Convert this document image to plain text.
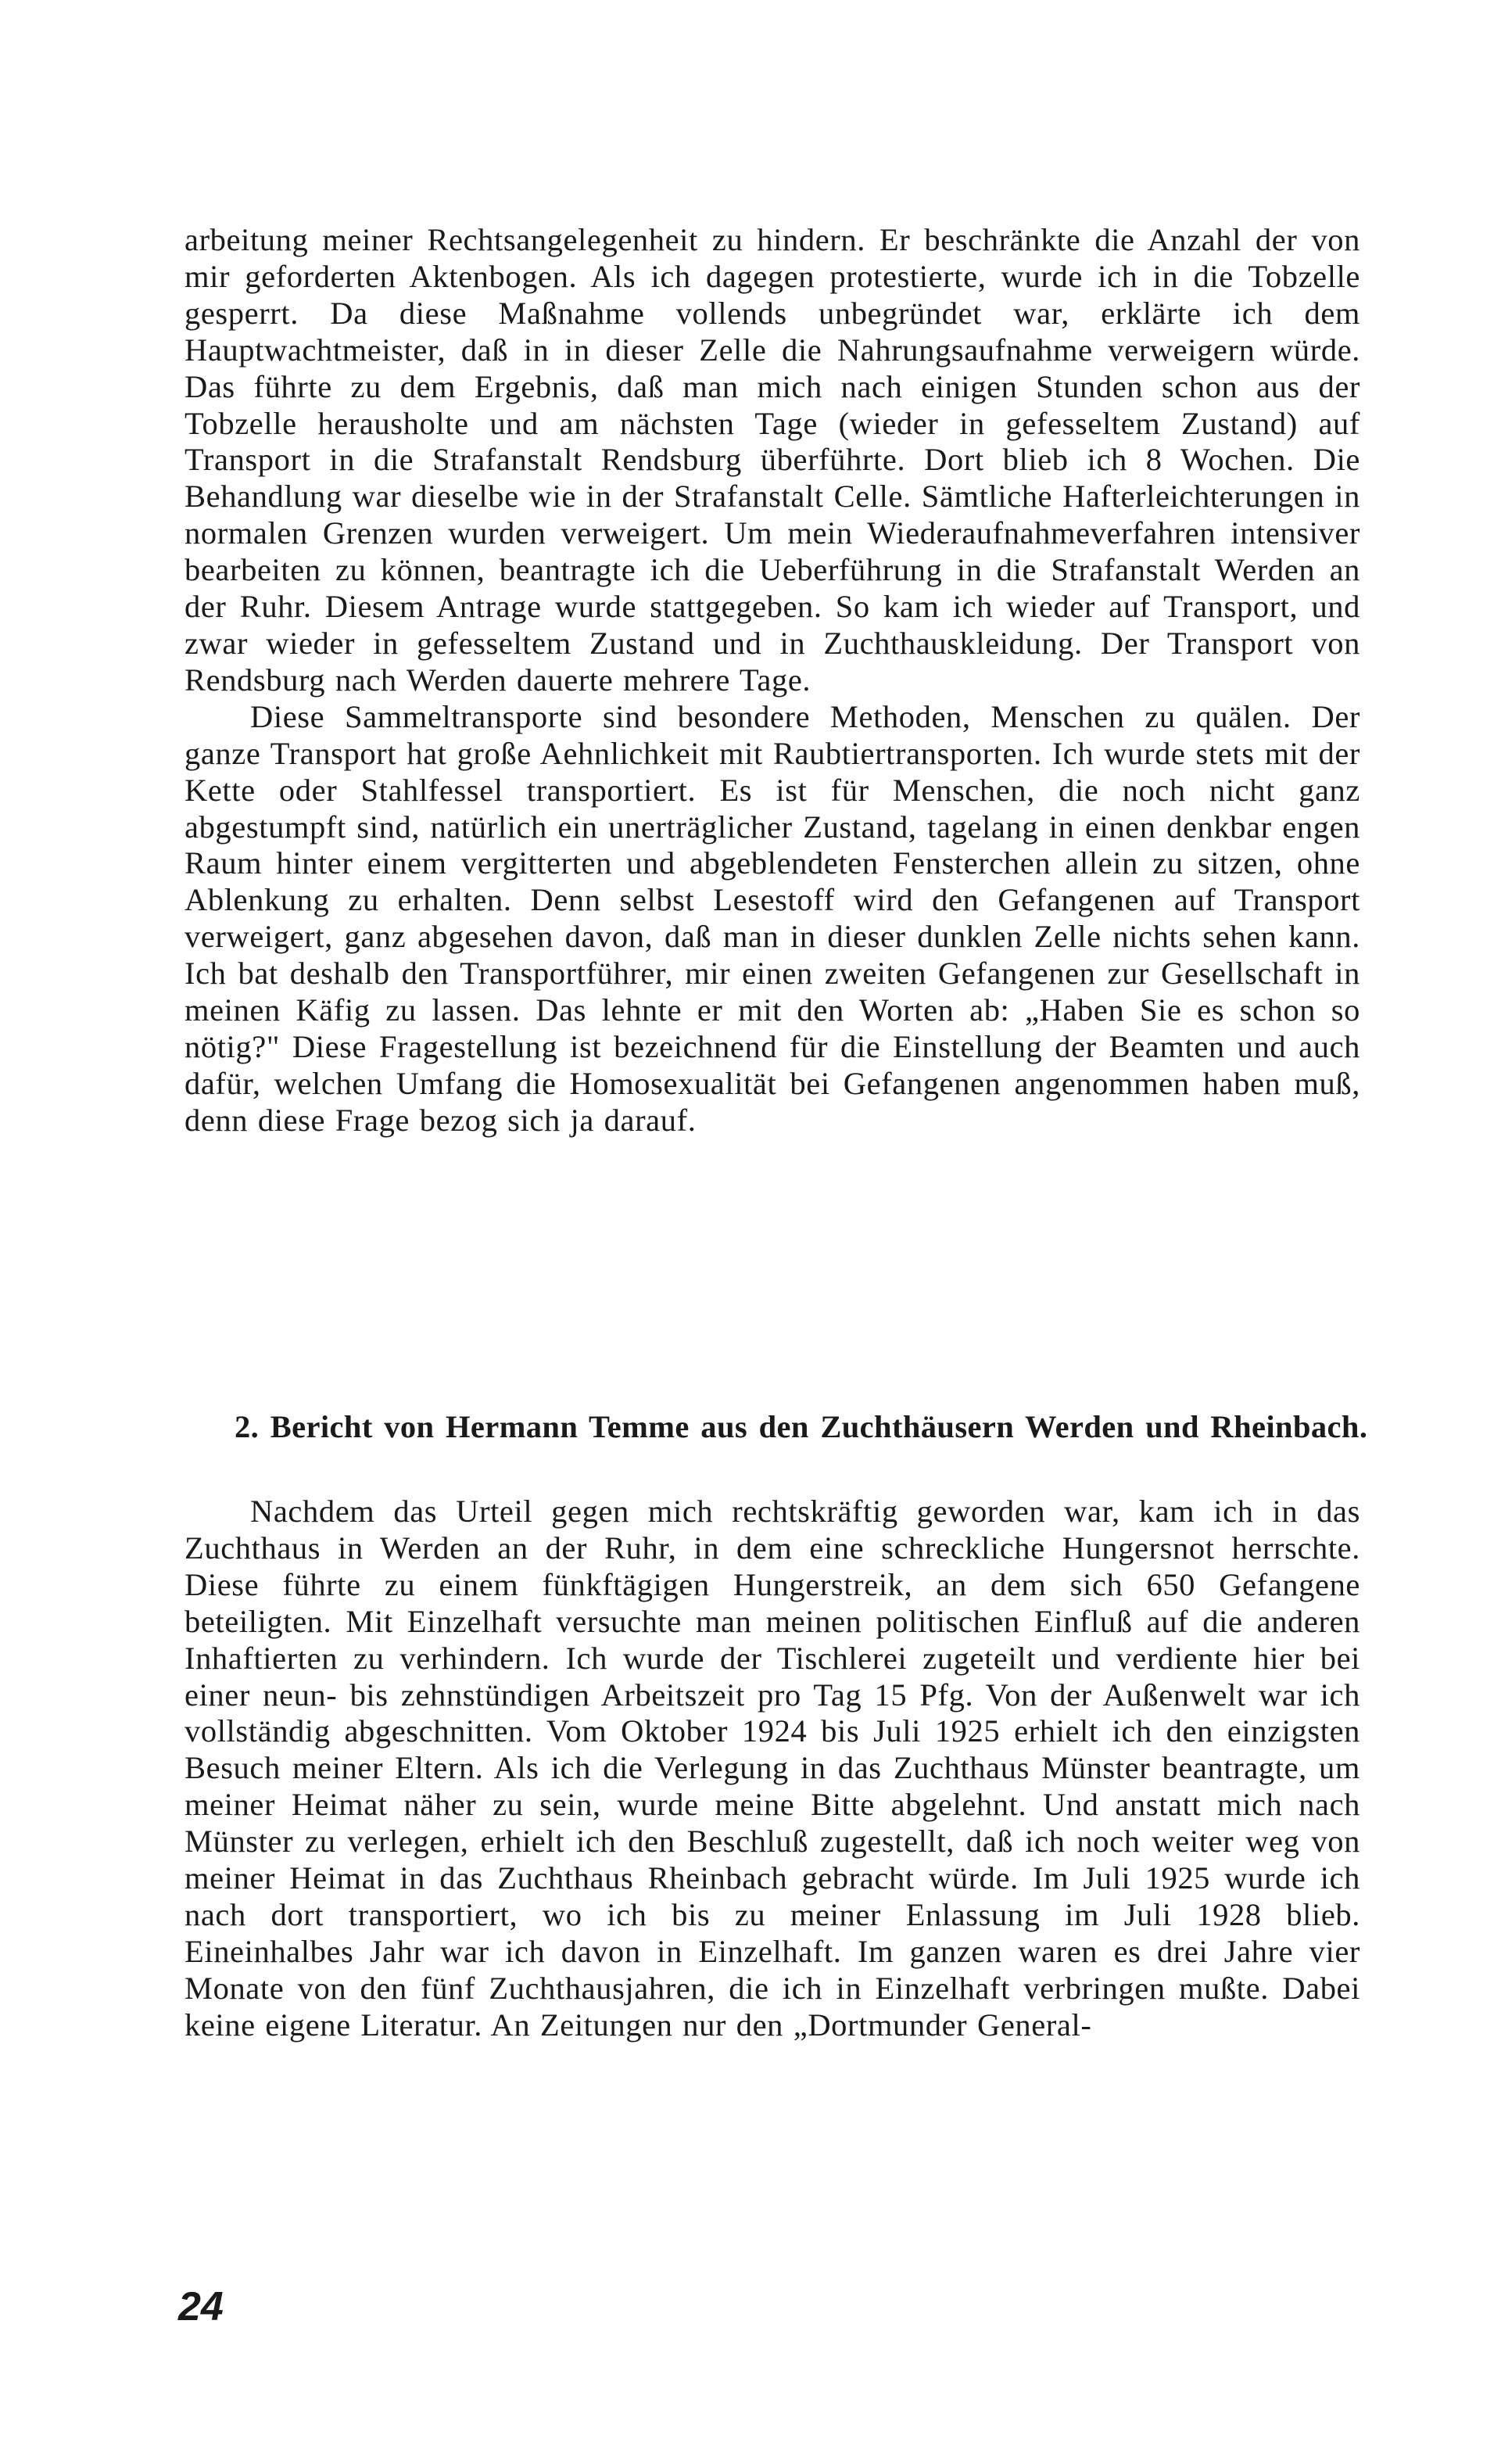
arbeitung meiner Rechtsangelegenheit zu hindern. Er beschränkte die Anzahl der von mir geforderten Aktenbogen. Als ich dagegen protestierte, wurde ich in die Tobzelle gesperrt. Da diese Maßnahme vollends unbegründet war, erklärte ich dem Hauptwachtmeister, daß in in dieser Zelle die Nahrungsaufnahme verweigern würde. Das führte zu dem Ergebnis, daß man mich nach einigen Stunden schon aus der Tobzelle herausholte und am nächsten Tage (wieder in gefesseltem Zustand) auf Transport in die Strafanstalt Rendsburg überführte. Dort blieb ich 8 Wochen. Die Behandlung war dieselbe wie in der Strafanstalt Celle. Sämtliche Hafterleichterungen in normalen Grenzen wurden verweigert. Um mein Wiederaufnahmeverfahren intensiver bearbeiten zu können, beantragte ich die Ueberführung in die Strafanstalt Werden an der Ruhr. Diesem Antrage wurde stattgegeben. So kam ich wieder auf Transport, und zwar wieder in gefesseltem Zustand und in Zuchthauskleidung. Der Transport von Rendsburg nach Werden dauerte mehrere Tage.

Diese Sammeltransporte sind besondere Methoden, Menschen zu quälen. Der ganze Transport hat große Aehnlichkeit mit Raubtiertransporten. Ich wurde stets mit der Kette oder Stahlfessel transportiert. Es ist für Menschen, die noch nicht ganz abgestumpft sind, natürlich ein unerträglicher Zustand, tagelang in einen denkbar engen Raum hinter einem vergitterten und abgeblendeten Fensterchen allein zu sitzen, ohne Ablenkung zu erhalten. Denn selbst Lesestoff wird den Gefangenen auf Transport verweigert, ganz abgesehen davon, daß man in dieser dunklen Zelle nichts sehen kann. Ich bat deshalb den Transportführer, mir einen zweiten Gefangenen zur Gesellschaft in meinen Käfig zu lassen. Das lehnte er mit den Worten ab: „Haben Sie es schon so nötig?" Diese Fragestellung ist bezeichnend für die Einstellung der Beamten und auch dafür, welchen Umfang die Homosexualität bei Gefangenen angenommen haben muß, denn diese Frage bezog sich ja darauf.

2. Bericht von Hermann Temme aus den Zuchthäusern Werden und Rheinbach.

Nachdem das Urteil gegen mich rechtskräftig geworden war, kam ich in das Zuchthaus in Werden an der Ruhr, in dem eine schreckliche Hungersnot herrschte. Diese führte zu einem fünkftägigen Hungerstreik, an dem sich 650 Gefangene beteiligten. Mit Einzelhaft versuchte man meinen politischen Einfluß auf die anderen Inhaftierten zu verhindern. Ich wurde der Tischlerei zugeteilt und verdiente hier bei einer neun- bis zehnstündigen Arbeitszeit pro Tag 15 Pfg. Von der Außenwelt war ich vollständig abgeschnitten. Vom Oktober 1924 bis Juli 1925 erhielt ich den einzigsten Besuch meiner Eltern. Als ich die Verlegung in das Zuchthaus Münster beantragte, um meiner Heimat näher zu sein, wurde meine Bitte abgelehnt. Und anstatt mich nach Münster zu verlegen, erhielt ich den Beschluß zugestellt, daß ich noch weiter weg von meiner Heimat in das Zuchthaus Rheinbach gebracht würde. Im Juli 1925 wurde ich nach dort transportiert, wo ich bis zu meiner Enlassung im Juli 1928 blieb. Eineinhalbes Jahr war ich davon in Einzelhaft. Im ganzen waren es drei Jahre vier Monate von den fünf Zuchthausjahren, die ich in Einzelhaft verbringen mußte. Dabei keine eigene Literatur. An Zeitungen nur den „Dortmunder General-

24
